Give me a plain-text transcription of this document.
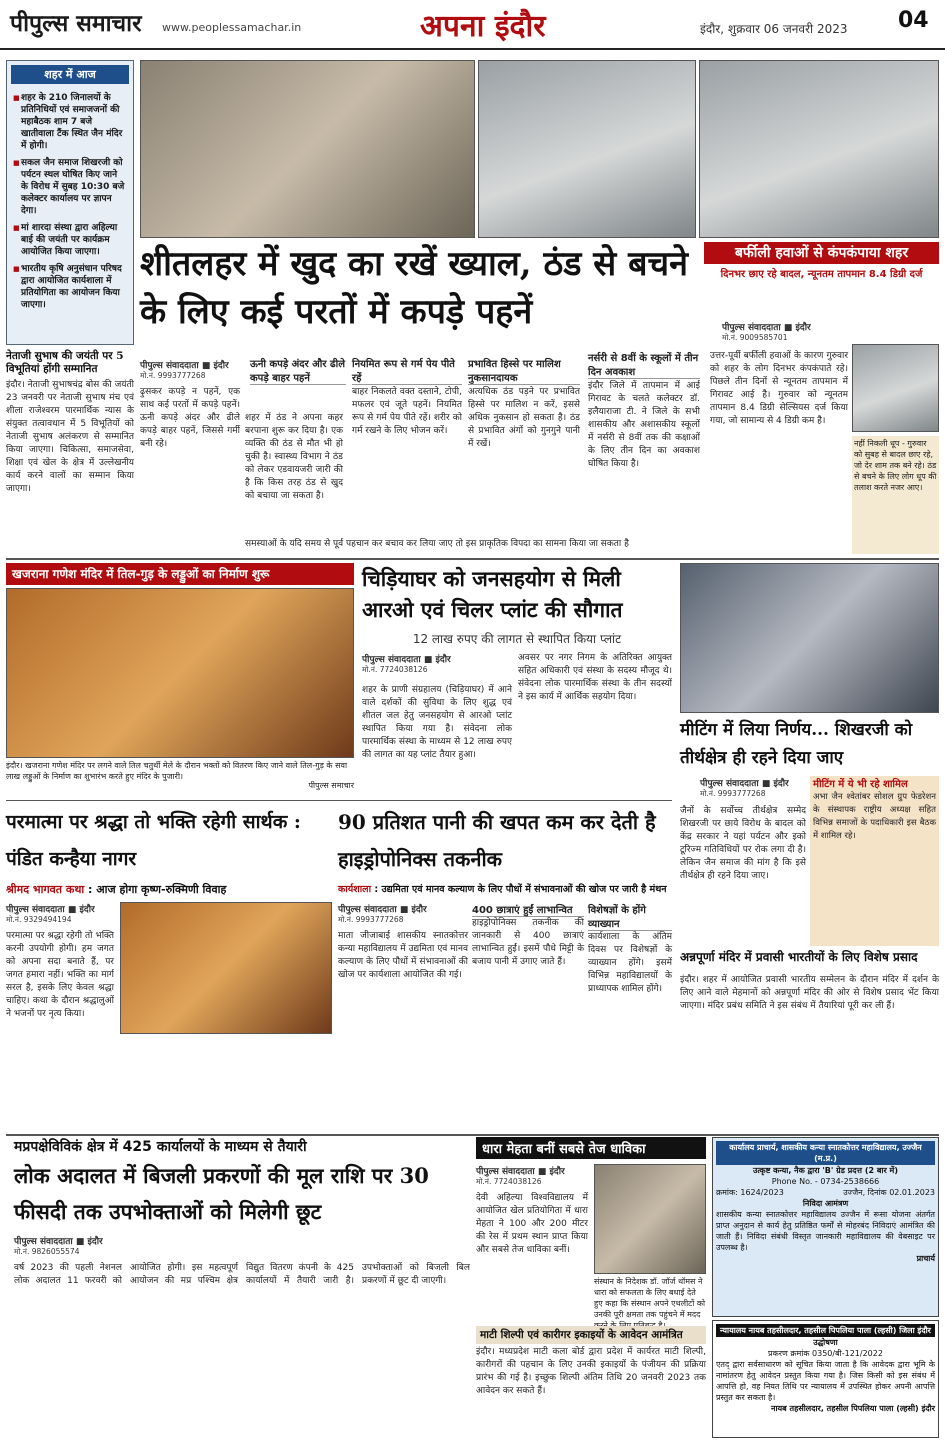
पीपुल्स समाचार www.peoplessamachar.in	अपना इंदौर	इंदौर, शुक्रवार 06 जनवरी 2023 04
शहर में आज
■ शहर के 210 जिनालयों के प्रतिनिधियों एवं समाजजनों की महाबैठक शाम 7 बजे खातीवाला टैंक स्थित जैन मंदिर में होगी।
■ सकल जैन समाज शिखरजी को पर्यटन स्थल घोषित किए जाने के विरोध में सुबह 10:30 बजे कलेक्टर कार्यालय पर ज्ञापन देगा।
■ मां शारदा संस्था द्वारा अहिल्या बाई की जयंती पर कार्यक्रम आयोजित किया जाएगा।
■ भारतीय कृषि अनुसंधान परिषद द्वारा आयोजित कार्यशाला में प्रतियोगिता का आयोजन किया जाएगा।
नेताजी सुभाष की जयंती पर 5 विभूतियां होंगी सम्मानित
इंदौर। नेताजी सुभाषचंद्र बोस की जयंती 23 जनवरी पर नेताजी सुभाष मंच एवं शीला राजेश्वरम पारमार्थिक न्यास के संयुक्त तत्वावधान में 5 विभूतियों को नेताजी सुभाष अलंकरण से सम्मानित किया जाएगा। चिकित्सा, समाजसेवा, शिक्षा एवं खेल के क्षेत्र में उल्लेखनीय कार्य करने वालों का सम्मान किया जाएगा।
शीतलहर में खुद का रखें ख्याल, ठंड से बचने के लिए कई परतों में कपड़े पहनें
बर्फीली हवाओं से कंपकंपाया शहर
दिनभर छाए रहे बादल, न्यूनतम तापमान 8.4 डिग्री दर्ज
पीपुल्स संवाददाता ■ इंदौर
मो.नं. 9009585701
उत्तर-पूर्वी बर्फीली हवाओं के कारण गुरुवार को शहर के लोग दिनभर कंपकंपाते रहे। पिछले तीन दिनों से न्यूनतम तापमान में गिरावट आई है। गुरुवार को न्यूनतम तापमान 8.4 डिग्री सेल्सियस दर्ज किया गया, जो सामान्य से 4 डिग्री कम है।
नहीं निकली धूप - गुरुवार को सुबह से बादल छाए रहे, जो देर शाम तक बने रहे। ठंड से बचने के लिए लोग धूप की तलाश करते नजर आए।
पीपुल्स संवाददाता ■ इंदौर
मो.नं. 9993777268
शहर में ठंड ने अपना कहर बरपाना शुरू कर दिया है। एक व्यक्ति की ठंड से मौत भी हो चुकी है। स्वास्थ्य विभाग ने ठंड को लेकर एडवायजरी जारी की है कि किस तरह ठंड से खुद को बचाया जा सकता है।
ऊनी कपड़े अंदर और ढीले कपड़े बाहर पहनें
नियमित रूप से गर्म पेय पीते रहें
बाहर निकलते वक्त दस्ताने, टोपी, मफलर एवं जूते पहनें। नियमित रूप से गर्म पेय पीते रहें। शरीर को गर्म रखने के लिए भोजन करें।
प्रभावित हिस्से पर मालिश नुकसानदायक
अत्यधिक ठंड पड़ने पर प्रभावित हिस्से पर मालिश न करें, इससे अधिक नुकसान हो सकता है। ठंड से प्रभावित अंगों को गुनगुने पानी में रखें।
नर्सरी से 8वीं के स्कूलों में तीन दिन अवकाश
इंदौर जिले में तापमान में आई गिरावट के चलते कलेक्टर डॉ. इलैयाराजा टी. ने जिले के सभी शासकीय और अशासकीय स्कूलों में नर्सरी से 8वीं तक की कक्षाओं के लिए तीन दिन का अवकाश घोषित किया है।
ढ़ुसकर कपड़े न पहनें, एक साथ कई परतों में कपड़े पहनें। ऊनी कपड़े अंदर और ढीले कपड़े बाहर पहनें, जिससे गर्मी बनी रहे।
समस्याओं के यदि समय से पूर्व पहचान कर बचाव कर लिया जाए तो इस प्राकृतिक विपदा का सामना किया जा सकता है
खजराना गणेश मंदिर में तिल-गुड़ के लड्डुओं का निर्माण शुरू
इंदौर। खजराना गणेश मंदिर पर लगने वाले तिल चतुर्थी मेले के दौरान भक्तों को वितरण किए जाने वाले तिल-गुड़ के सवा लाख लड्डुओं के निर्माण का शुभारंभ करते हुए मंदिर के पुजारी।
पीपुल्स समाचार
चिड़ियाघर को जनसहयोग से मिली आरओ एवं चिलर प्लांट की सौगात
12 लाख रुपए की लागत से स्थापित किया प्लांट
पीपुल्स संवाददाता ■ इंदौर
मो.नं. 7724038126
शहर के प्राणी संग्रहालय (चिड़ियाघर) में आने वाले दर्शकों की सुविधा के लिए शुद्ध एवं शीतल जल हेतु जनसहयोग से आरओ प्लांट स्थापित किया गया है। संवेदना लोक पारमार्थिक संस्था के माध्यम से 12 लाख रुपए की लागत का यह प्लांट तैयार हुआ।
अवसर पर नगर निगम के अतिरिक्त आयुक्त सहित अधिकारी एवं संस्था के सदस्य मौजूद थे। संवेदना लोक पारमार्थिक संस्था के तीन सदस्यों ने इस कार्य में आर्थिक सहयोग दिया।
मीटिंग में लिया निर्णय... शिखरजी को तीर्थक्षेत्र ही रहने दिया जाए
पीपुल्स संवाददाता ■ इंदौर
मो.नं. 9993777268
जैनों के सर्वोच्च तीर्थक्षेत्र सम्मेद शिखरजी पर छाये विरोध के बादल को केंद्र सरकार ने यहां पर्यटन और इको टूरिज्म गतिविधियों पर रोक लगा दी है। लेकिन जैन समाज की मांग है कि इसे तीर्थक्षेत्र ही रहने दिया जाए।
मीटिंग में ये भी रहे शामिल
अभा जैन श्वेतांबर सोशल ग्रुप फेडरेशन के संस्थापक राष्ट्रीय अध्यक्ष सहित विभिन्न समाजों के पदाधिकारी इस बैठक में शामिल रहे।
परमात्मा पर श्रद्धा तो भक्ति रहेगी सार्थक : पंडित कन्हैया नागर
श्रीमद भागवत कथा : आज होगा कृष्ण-रुक्मिणी विवाह
पीपुल्स संवाददाता ■ इंदौर
मो.नं. 9329494194
परमात्मा पर श्रद्धा रहेगी तो भक्ति करनी उपयोगी होगी। हम जगत को अपना सदा बनाते हैं, पर जगत हमारा नहीं। भक्ति का मार्ग सरल है, इसके लिए केवल श्रद्धा चाहिए। कथा के दौरान श्रद्धालुओं ने भजनों पर नृत्य किया।
90 प्रतिशत पानी की खपत कम कर देती है हाइड्रोपोनिक्स तकनीक
कार्यशाला : उद्यमिता एवं मानव कल्याण के लिए पौधों में संभावनाओं की खोज पर जारी है मंथन
पीपुल्स संवाददाता ■ इंदौर
मो.नं. 9993777268
माता जीजाबाई शासकीय स्नातकोत्तर कन्या महाविद्यालय में उद्यमिता एवं मानव कल्याण के लिए पौधों में संभावनाओं की खोज पर कार्यशाला आयोजित की गई।
400 छात्राएं हुईं लाभान्वित
हाइड्रोपोनिक्स तकनीक की जानकारी से 400 छात्राएं लाभान्वित हुईं। इसमें पौधे मिट्टी के बजाय पानी में उगाए जाते हैं।
विशेषज्ञों के होंगे व्याख्यान
कार्यशाला के अंतिम दिवस पर विशेषज्ञों के व्याख्यान होंगे। इसमें विभिन्न महाविद्यालयों के प्राध्यापक शामिल होंगे।
अन्नपूर्णा मंदिर में प्रवासी भारतीयों के लिए विशेष प्रसाद
इंदौर। शहर में आयोजित प्रवासी भारतीय सम्मेलन के दौरान मंदिर में दर्शन के लिए आने वाले मेहमानों को अन्नपूर्णा मंदिर की ओर से विशेष प्रसाद भेंट किया जाएगा। मंदिर प्रबंध समिति ने इस संबंध में तैयारियां पूरी कर ली हैं।
मप्रपक्षेविविकं क्षेत्र में 425 कार्यालयों के माध्यम से तैयारी
लोक अदालत में बिजली प्रकरणों की मूल राशि पर 30 फीसदी तक उपभोक्ताओं को मिलेगी छूट
पीपुल्स संवाददाता ■ इंदौर
मो.नं. 9826055574
वर्ष 2023 की पहली नेशनल लोक अदालत 11 फरवरी को आयोजित होगी। इस महत्वपूर्ण आयोजन की मप्र पश्चिम क्षेत्र विद्युत वितरण कंपनी के 425 कार्यालयों में तैयारी जारी है। उपभोक्ताओं को बिजली बिल प्रकरणों में छूट दी जाएगी।
धारा मेहता बनीं सबसे तेज धाविका
पीपुल्स संवाददाता ■ इंदौर
मो.नं. 7724038126
देवी अहिल्या विश्वविद्यालय में आयोजित खेल प्रतियोगिता में धारा मेहता ने 100 और 200 मीटर की रेस में प्रथम स्थान प्राप्त किया और सबसे तेज धाविका बनीं।
संस्थान के निदेशक डॉ. जॉर्ज थॉमस ने धारा को सफलता के लिए बधाई देते हुए कहा कि संस्थान अपने एथलीटों को उनकी पूरी क्षमता तक पहुंचने में मदद
माटी शिल्पी एवं कारीगर इकाइयों के आवेदन आमंत्रित
इंदौर। मध्यप्रदेश माटी कला बोर्ड द्वारा प्रदेश में कार्यरत माटी शिल्पी, कारीगरों की पहचान के लिए उनकी इकाइयों के पंजीयन की प्रक्रिया प्रारंभ की गई है। इच्छुक शिल्पी अंतिम तिथि 20 जनवरी 2023 तक आवेदन कर सकते हैं।
कार्यालय प्राचार्य, शासकीय कन्या स्नातकोत्तर महाविद्यालय, उज्जैन (म.प्र.)
उत्कृष्ट कन्या, नैक द्वारा 'B' ग्रेड प्रदत्त (2 बार में)
Phone No. - 0734-2538666
क्रमांक: 1624/2023	उज्जैन, दिनांक 02.01.2023
निविदा आमंत्रण
शासकीय कन्या स्नातकोत्तर महाविद्यालय उज्जैन में रूसा योजना अंतर्गत प्राप्त अनुदान से कार्य हेतु प्रतिष्ठित फर्मों से मोहरबंद निविदाएं आमंत्रित की जाती हैं। निविदा संबंधी विस्तृत जानकारी महाविद्यालय की वेबसाइट पर उपलब्ध है।
प्राचार्य
न्यायालय नायब तहसीलदार, तहसील पिपलिया पाला (ल्हसी) जिला इंदौर
उद्घोषणा
प्रकरण क्रमांक 0350/बी-121/2022
एतद् द्वारा सर्वसाधारण को सूचित किया जाता है कि आवेदक द्वारा भूमि के नामांतरण हेतु आवेदन प्रस्तुत किया गया है। जिस किसी को इस संबंध में आपत्ति हो, वह नियत तिथि पर न्यायालय में उपस्थित होकर अपनी आपत्ति प्रस्तुत कर सकता है।
नायब तहसीलदार, तहसील पिपलिया पाला (ल्हसी) इंदौर
